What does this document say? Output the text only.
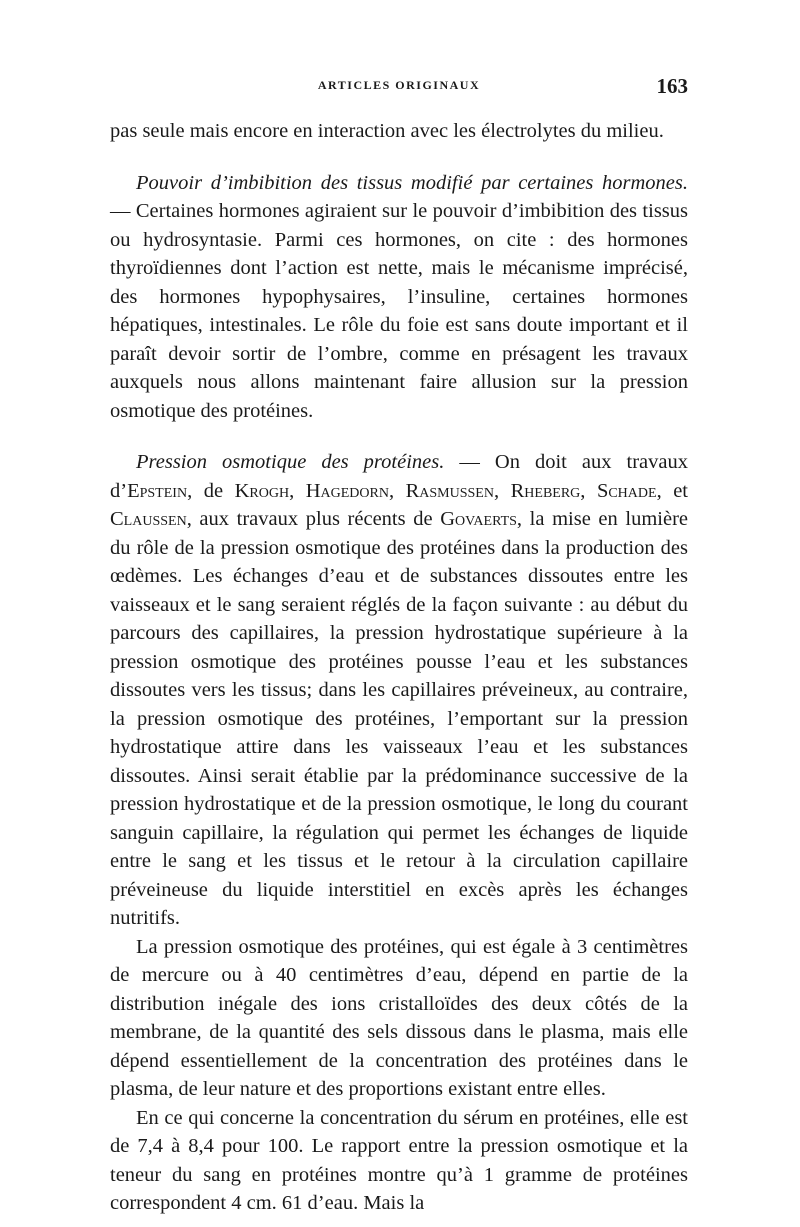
ARTICLES ORIGINAUX	163

pas seule mais encore en interaction avec les électrolytes du milieu.

Pouvoir d’imbibition des tissus modifié par certaines hormones. — Certaines hormones agiraient sur le pouvoir d’imbibition des tissus ou hydrosyntasie. Parmi ces hormones, on cite : des hormones thyroïdiennes dont l’action est nette, mais le mécanisme imprécisé, des hormones hypophysaires, l’insuline, certaines hormones hépatiques, intestinales. Le rôle du foie est sans doute important et il paraît devoir sortir de l’ombre, comme en présagent les travaux auxquels nous allons maintenant faire allusion sur la pression osmotique des protéines.

Pression osmotique des protéines. — On doit aux travaux d’Epstein, de Krogh, Hagedorn, Rasmussen, Rheberg, Schade, et Claussen, aux travaux plus récents de Govaerts, la mise en lumière du rôle de la pression osmotique des protéines dans la production des œdèmes. Les échanges d’eau et de substances dissoutes entre les vaisseaux et le sang seraient réglés de la façon suivante : au début du parcours des capillaires, la pression hydrostatique supérieure à la pression osmotique des protéines pousse l’eau et les substances dissoutes vers les tissus; dans les capillaires préveineux, au contraire, la pression osmotique des protéines, l’emportant sur la pression hydrostatique attire dans les vaisseaux l’eau et les substances dissoutes. Ainsi serait établie par la prédominance successive de la pression hydrostatique et de la pression osmotique, le long du courant sanguin capillaire, la régulation qui permet les échanges de liquide entre le sang et les tissus et le retour à la circulation capillaire préveineuse du liquide interstitiel en excès après les échanges nutritifs.

La pression osmotique des protéines, qui est égale à 3 centimètres de mercure ou à 40 centimètres d’eau, dépend en partie de la distribution inégale des ions cristalloïdes des deux côtés de la membrane, de la quantité des sels dissous dans le plasma, mais elle dépend essentiellement de la concentration des protéines dans le plasma, de leur nature et des proportions existant entre elles.

En ce qui concerne la concentration du sérum en protéines, elle est de 7,4 à 8,4 pour 100. Le rapport entre la pression osmotique et la teneur du sang en protéines montre qu’à 1 gramme de protéines correspondent 4 cm. 61 d’eau. Mais la
